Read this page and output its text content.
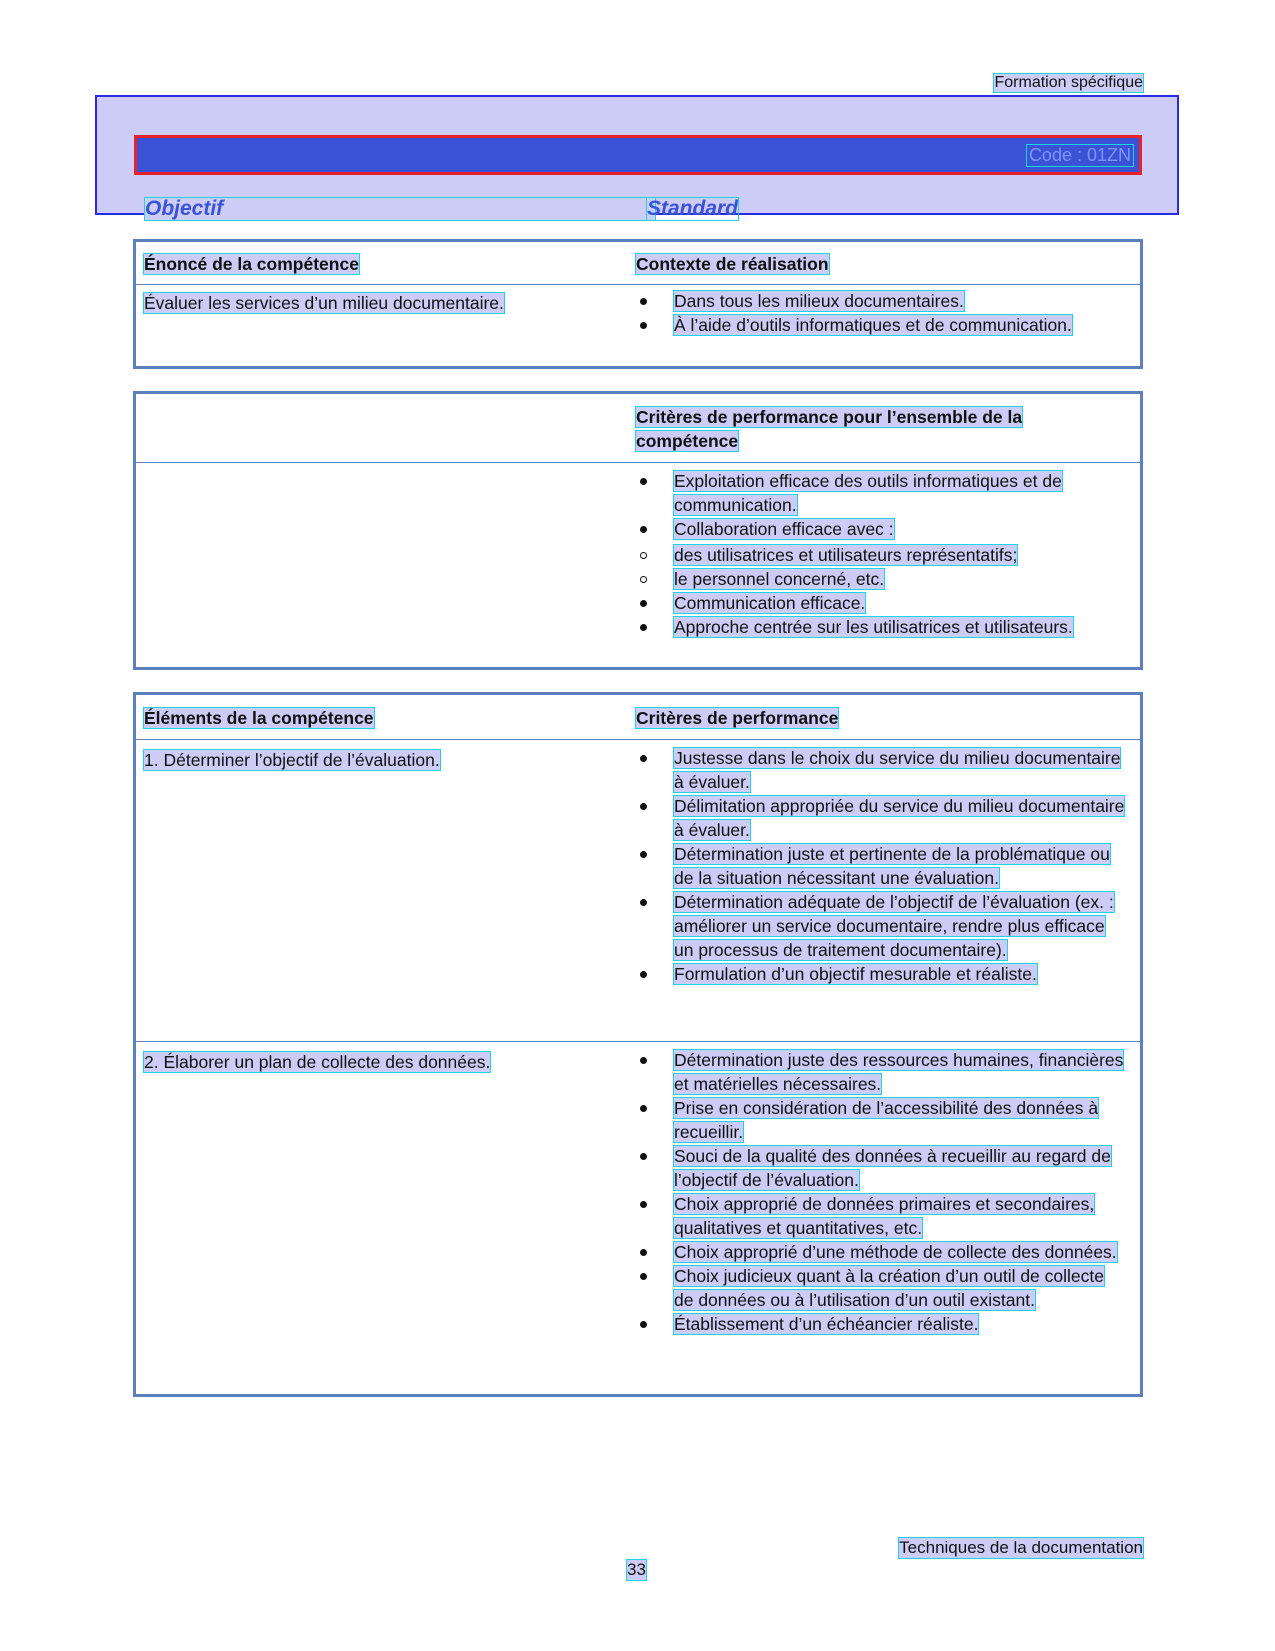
Formation spécifique
Code : 01ZN
Objectif	Standard
Énoncé de la compétence	Contexte de réalisation
Évaluer les services d’un milieu documentaire.	Dans tous les milieux documentaires.
À l’aide d’outils informatiques et de communication.
Critères de performance pour l’ensemble de la compétence
Exploitation efficace des outils informatiques et de communication.
Collaboration efficace avec :
des utilisatrices et utilisateurs représentatifs;
le personnel concerné, etc.
Communication efficace.
Approche centrée sur les utilisatrices et utilisateurs.
Éléments de la compétence	Critères de performance
1. Déterminer l’objectif de l’évaluation.	Justesse dans le choix du service du milieu documentaire à évaluer.
Délimitation appropriée du service du milieu documentaire à évaluer.
Détermination juste et pertinente de la problématique ou de la situation nécessitant une évaluation.
Détermination adéquate de l’objectif de l’évaluation (ex. : améliorer un service documentaire, rendre plus efficace un processus de traitement documentaire).
Formulation d’un objectif mesurable et réaliste.
2. Élaborer un plan de collecte des données.	Détermination juste des ressources humaines, financières et matérielles nécessaires.
Prise en considération de l’accessibilité des données à recueillir.
Souci de la qualité des données à recueillir au regard de l’objectif de l’évaluation.
Choix approprié de données primaires et secondaires, qualitatives et quantitatives, etc.
Choix approprié d’une méthode de collecte des données.
Choix judicieux quant à la création d’un outil de collecte de données ou à l’utilisation d’un outil existant.
Établissement d’un échéancier réaliste.
Techniques de la documentation
33
